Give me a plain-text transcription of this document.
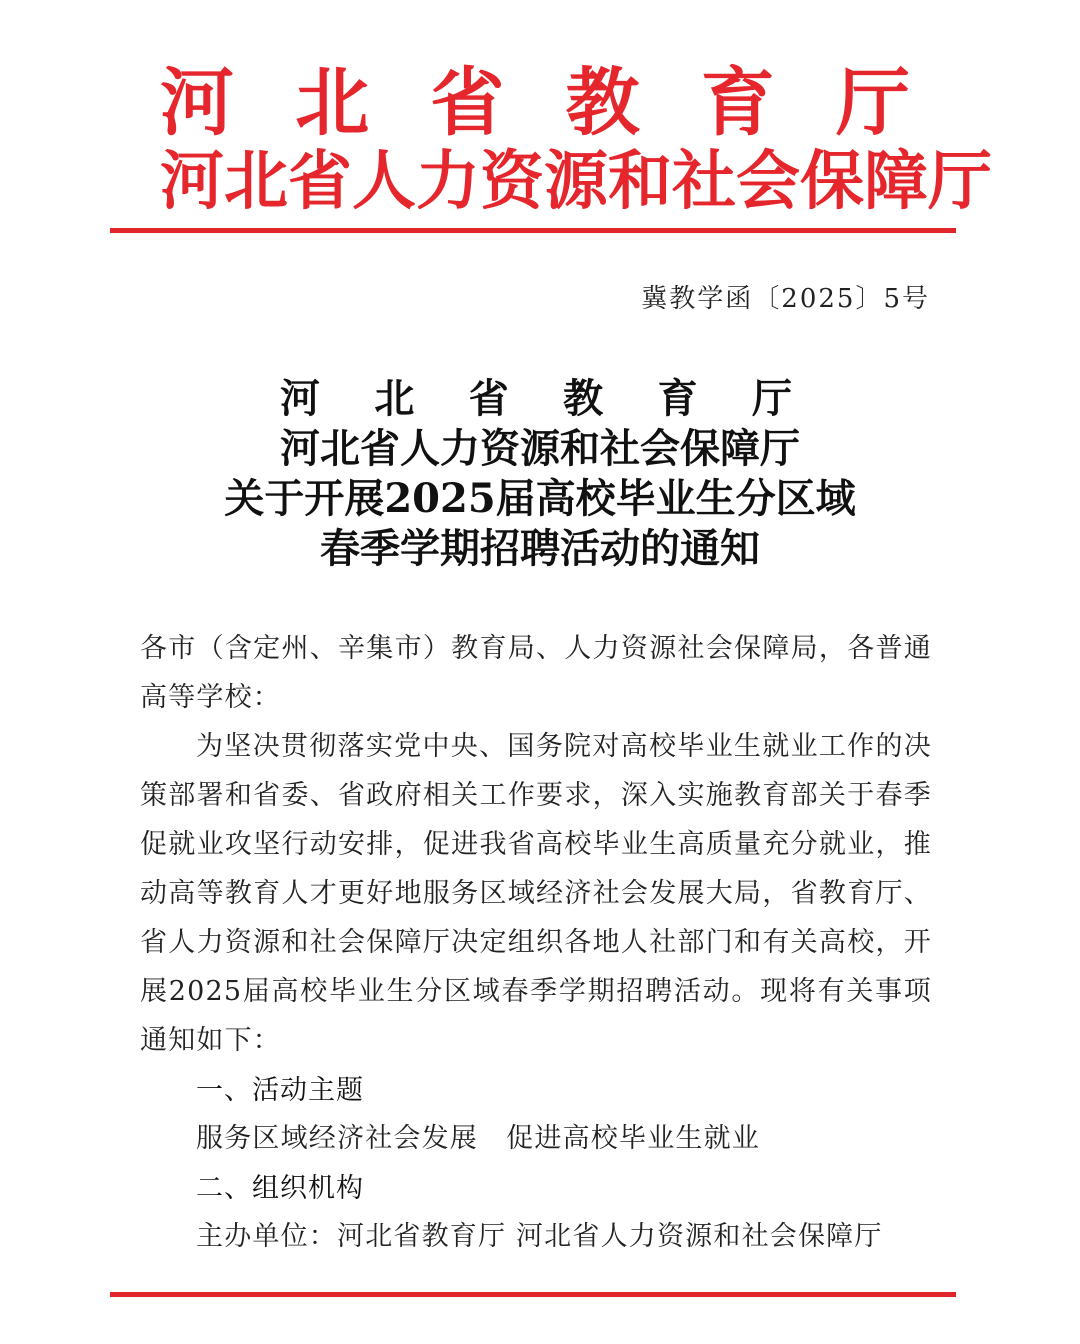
河 北 省 教 育 厅
河 北 省 人 力 资 源 和 社 会 保 障 厅
冀教学函〔2025〕5号
河 北 省 教 育 厅
河北省人力资源和社会保障厅
关于开展2025届高校毕业生分区域
春季学期招聘活动的通知
各市（含定州、辛集市）教育局、人力资源社会保障局，各普通高等学校：
为坚决贯彻落实党中央、国务院对高校毕业生就业工作的决策部署和省委、省政府相关工作要求，深入实施教育部关于春季促就业攻坚行动安排，促进我省高校毕业生高质量充分就业，推动高等教育人才更好地服务区域经济社会发展大局，省教育厅、省人力资源和社会保障厅决定组织各地人社部门和有关高校，开展2025届高校毕业生分区域春季学期招聘活动。现将有关事项通知如下：
一、活动主题
服务区域经济社会发展　促进高校毕业生就业
二、组织机构
主办单位：河北省教育厅 河北省人力资源和社会保障厅
